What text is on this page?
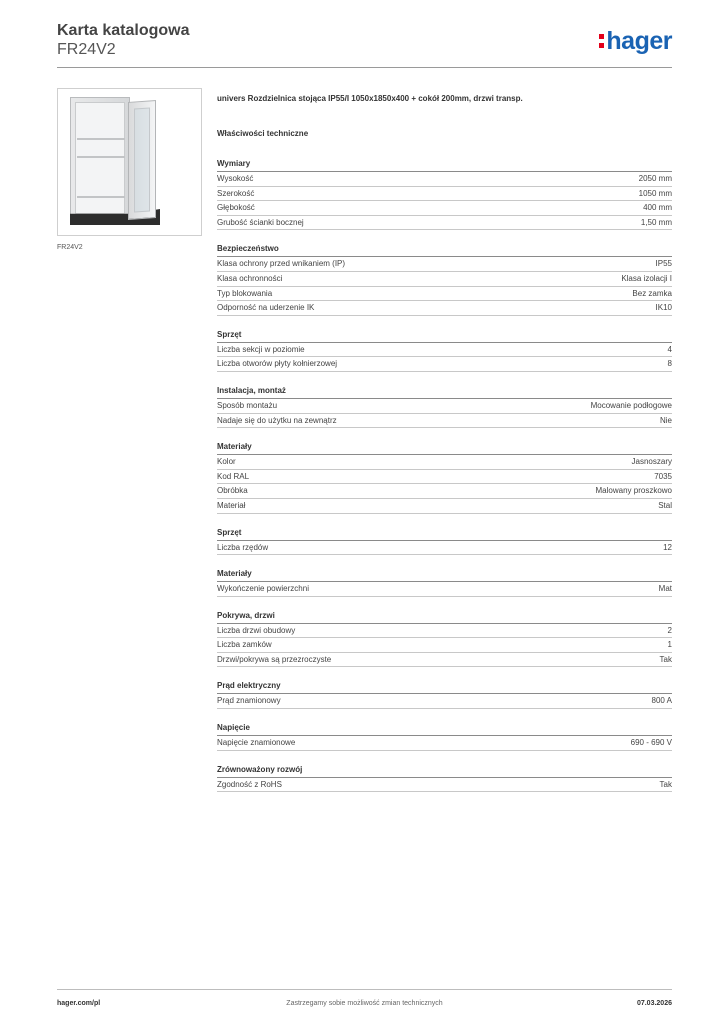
Karta katalogowa
FR24V2	hager
FR24V2
univers Rozdzielnica stojąca IP55/I 1050x1850x400 + cokół 200mm, drzwi transp.
Właściwości techniczne
Wymiary
Wysokość	2050 mm
Szerokość	1050 mm
Głębokość	400 mm
Grubość ścianki bocznej	1,50 mm
Bezpieczeństwo
Klasa ochrony przed wnikaniem (IP)	IP55
Klasa ochronności	Klasa izolacji I
Typ blokowania	Bez zamka
Odporność na uderzenie IK	IK10
Sprzęt
Liczba sekcji w poziomie	4
Liczba otworów płyty kołnierzowej	8
Instalacja, montaż
Sposób montażu	Mocowanie podłogowe
Nadaje się do użytku na zewnątrz	Nie
Materiały
Kolor	Jasnoszary
Kod RAL	7035
Obróbka	Malowany proszkowo
Materiał	Stal
Sprzęt
Liczba rzędów	12
Materiały
Wykończenie powierzchni	Mat
Pokrywa, drzwi
Liczba drzwi obudowy	2
Liczba zamków	1
Drzwi/pokrywa są przezroczyste	Tak
Prąd elektryczny
Prąd znamionowy	800 A
Napięcie
Napięcie znamionowe	690 - 690 V
Zrównoważony rozwój
Zgodność z RoHS	Tak
hager.com/pl	Zastrzegamy sobie możliwość zmian technicznych	07.03.2026
